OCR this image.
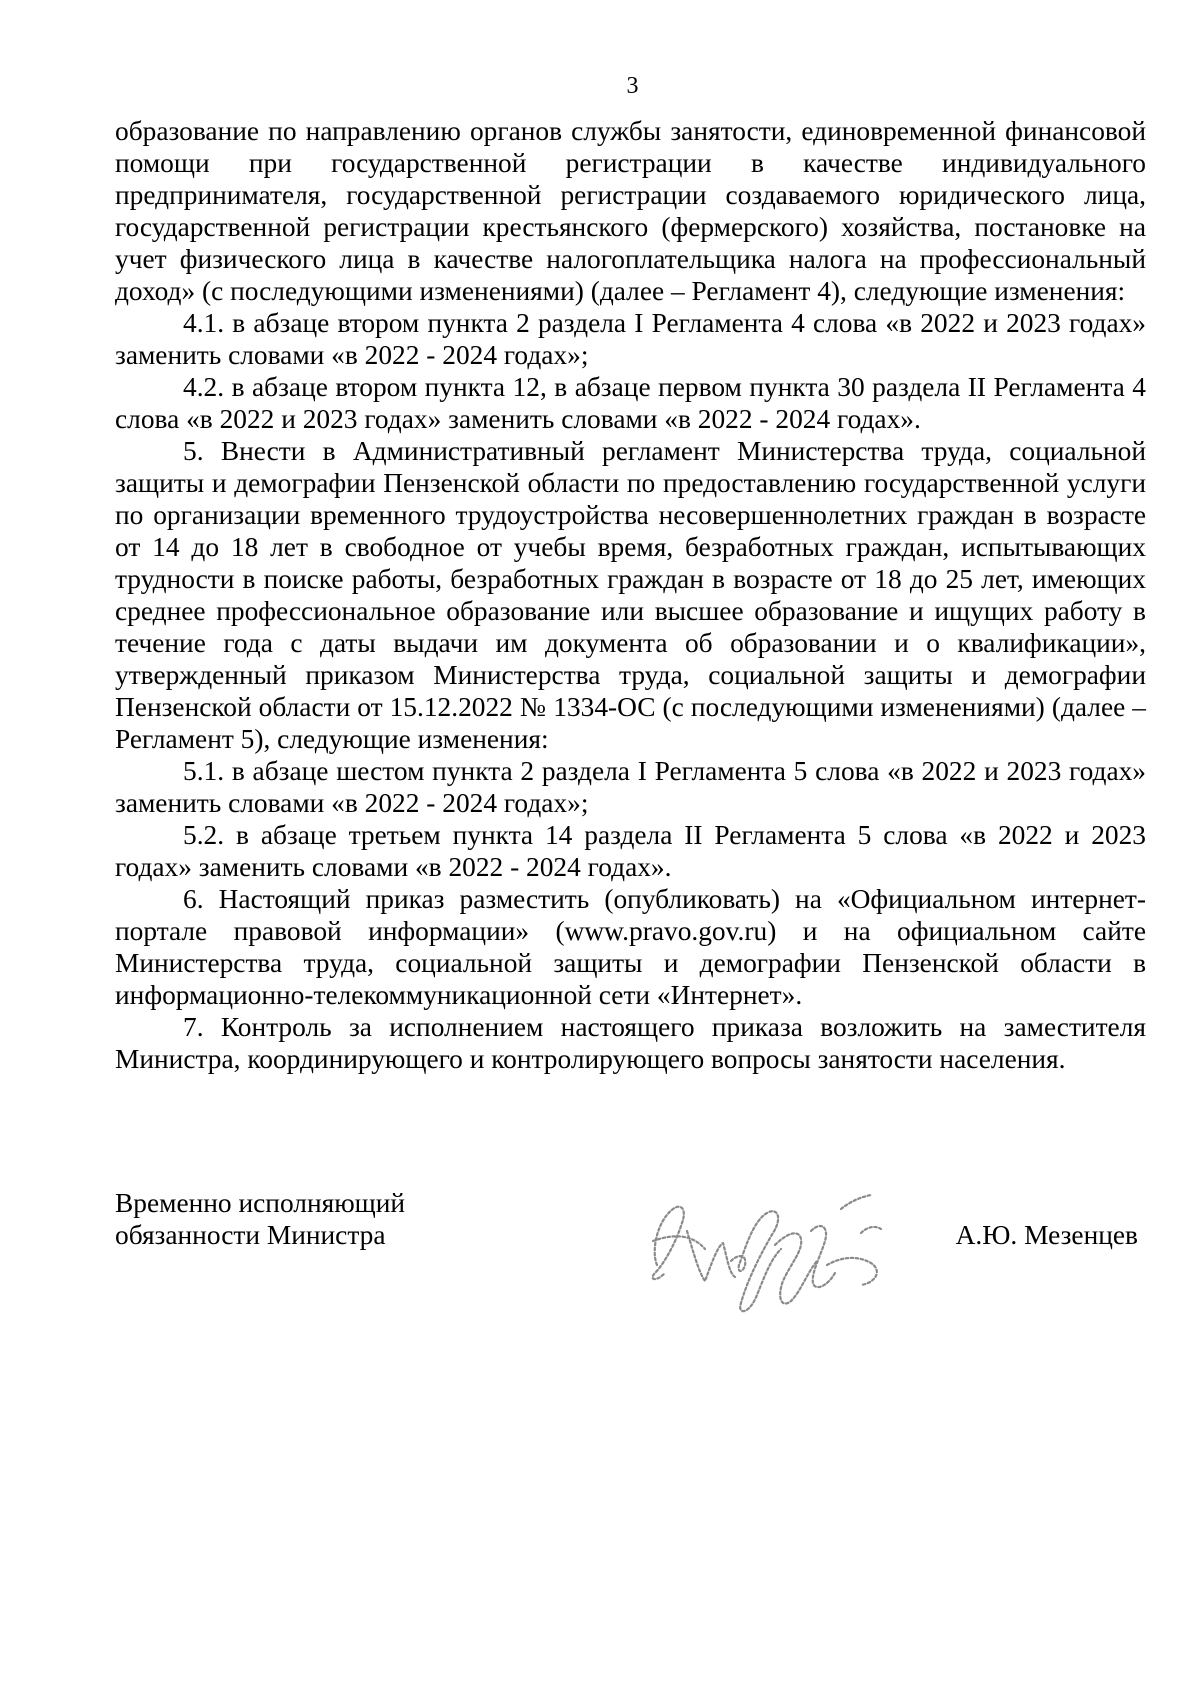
3

образование по направлению органов службы занятости, единовременной финансовой помощи при государственной регистрации в качестве индивидуального предпринимателя, государственной регистрации создаваемого юридического лица, государственной регистрации крестьянского (фермерского) хозяйства, постановке на учет физического лица в качестве налогоплательщика налога на профессиональный доход» (с последующими изменениями) (далее – Регламент 4), следующие изменения:

4.1. в абзаце втором пункта 2 раздела I Регламента 4 слова «в 2022 и 2023 годах» заменить словами «в 2022 - 2024 годах»;

4.2. в абзаце втором пункта 12, в абзаце первом пункта 30 раздела II Регламента 4 слова «в 2022 и 2023 годах» заменить словами «в 2022 - 2024 годах».

5. Внести в Административный регламент Министерства труда, социальной защиты и демографии Пензенской области по предоставлению государственной услуги по организации временного трудоустройства несовершеннолетних граждан в возрасте от 14 до 18 лет в свободное от учебы время, безработных граждан, испытывающих трудности в поиске работы, безработных граждан в возрасте от 18 до 25 лет, имеющих среднее профессиональное образование или высшее образование и ищущих работу в течение года с даты выдачи им документа об образовании и о квалификации», утвержденный приказом Министерства труда, социальной защиты и демографии Пензенской области от 15.12.2022 № 1334-ОС (с последующими изменениями) (далее – Регламент 5), следующие изменения:

5.1. в абзаце шестом пункта 2 раздела I Регламента 5 слова «в 2022 и 2023 годах» заменить словами «в 2022 - 2024 годах»;

5.2. в абзаце третьем пункта 14 раздела II Регламента 5 слова «в 2022 и 2023 годах» заменить словами «в 2022 - 2024 годах».

6. Настоящий приказ разместить (опубликовать) на «Официальном интернет-портале правовой информации» (www.pravo.gov.ru) и на официальном сайте Министерства труда, социальной защиты и демографии Пензенской области в информационно-телекоммуникационной сети «Интернет».

7. Контроль за исполнением настоящего приказа возложить на заместителя Министра, координирующего и контролирующего вопросы занятости населения.

Временно исполняющий
обязанности Министра	А.Ю. Мезенцев
